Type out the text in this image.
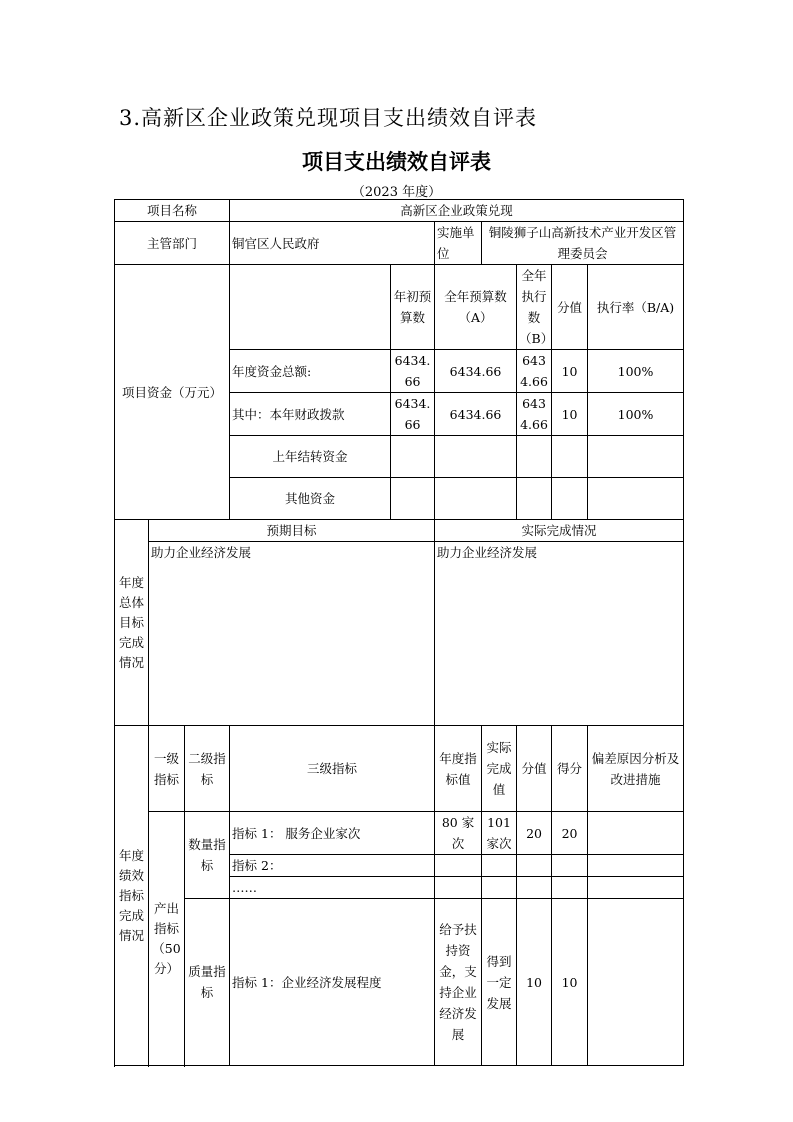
3.高新区企业政策兑现项目支出绩效自评表
项目支出绩效自评表
（2023 年度）
项目名称			高新区企业政策兑现						
主管部门			铜官区人民政府		实施单位	铜陵狮子山高新技术产业开发区管理委员会			
项目资金（万元）				年初预算数	全年预算数（A）		全年执行数（B）	分值	执行率（B/A)
			年度资金总额:	6434.66	6434.66		6434.66	10	100%
			其中：本年财政拨款	6434.66	6434.66		6434.66	10	100%
			上年结转资金						
			其他资金						
年度总体目标完成情况	预期目标				实际完成情况				
	助力企业经济发展				助力企业经济发展				
年度绩效指标完成情况	一级指标	二级指标	三级指标		年度指标值	实际完成值	分值	得分	偏差原因分析及改进措施
	产出指标（50分）	数量指标	指标 1： 服务企业家次		80 家次	101 家次	20	20	
			指标 2：						
			……						
		质量指标	指标 1：企业经济发展程度		给予扶持资金，支持企业经济发展	得到一定发展	10	10	
